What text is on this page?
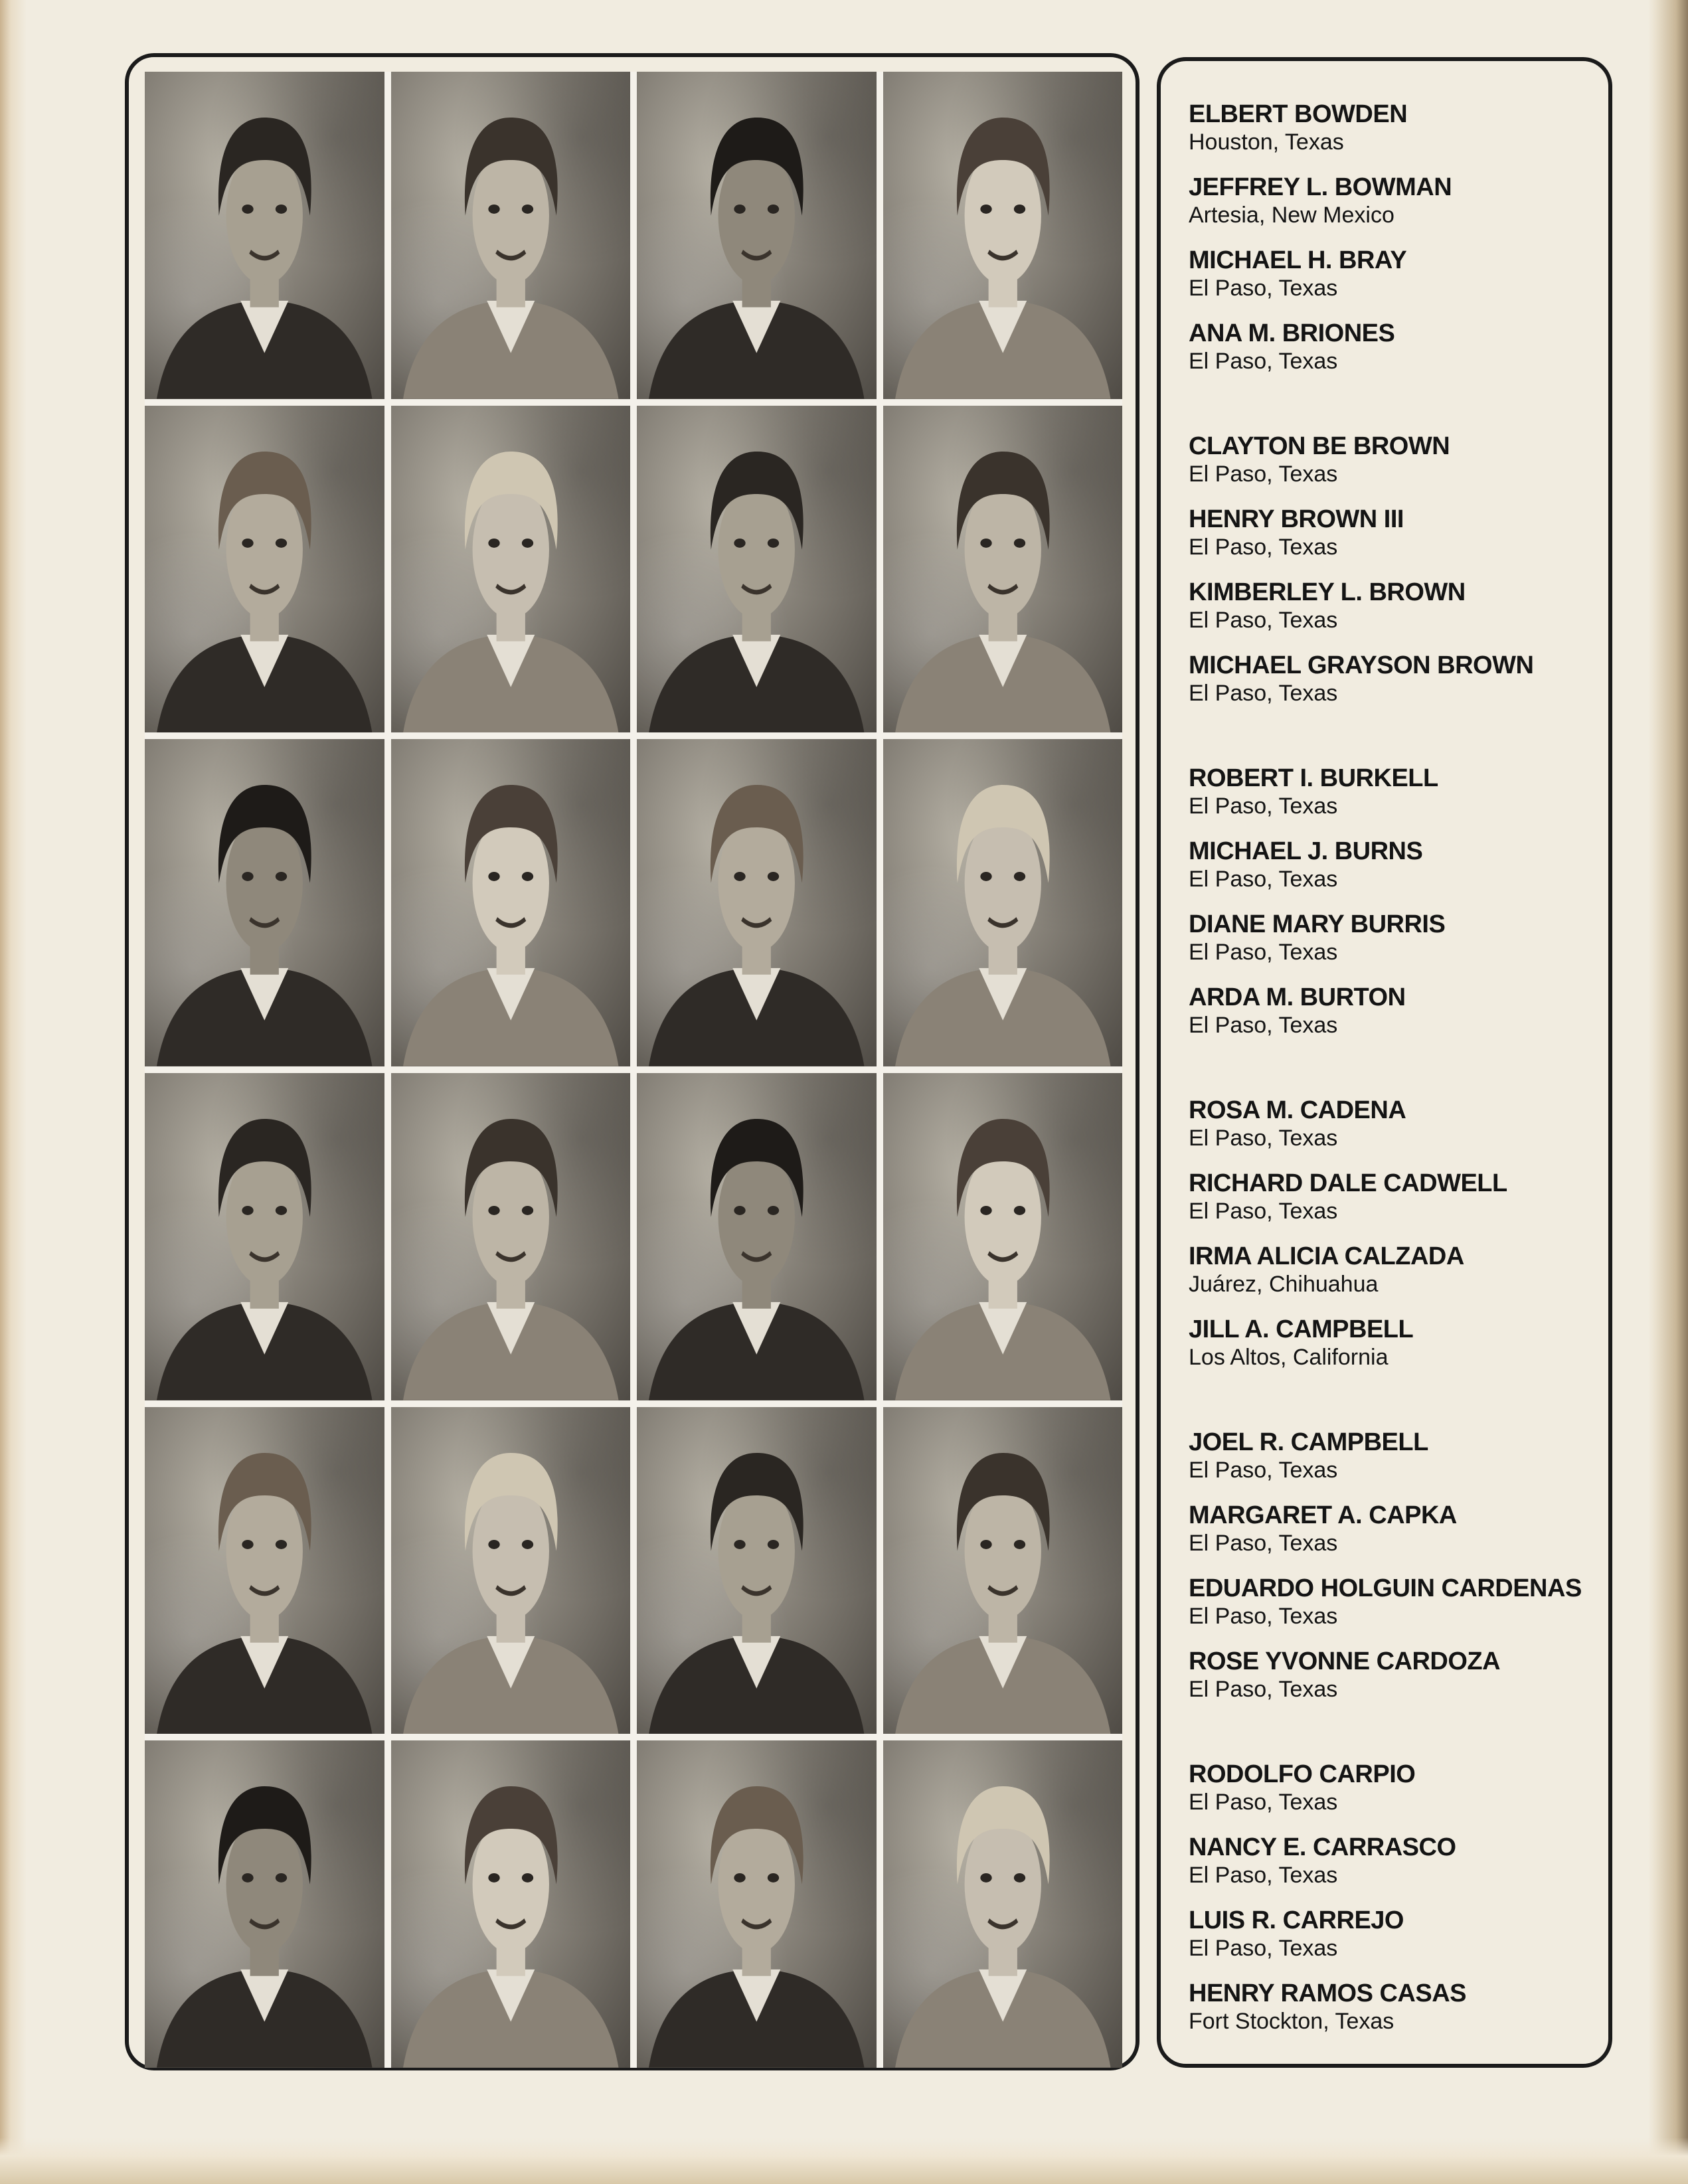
ELBERT BOWDEN
Houston, Texas
JEFFREY L. BOWMAN
Artesia, New Mexico
MICHAEL H. BRAY
El Paso, Texas
ANA M. BRIONES
El Paso, Texas
CLAYTON BE BROWN
El Paso, Texas
HENRY BROWN III
El Paso, Texas
KIMBERLEY L. BROWN
El Paso, Texas
MICHAEL GRAYSON BROWN
El Paso, Texas
ROBERT I. BURKELL
El Paso, Texas
MICHAEL J. BURNS
El Paso, Texas
DIANE MARY BURRIS
El Paso, Texas
ARDA M. BURTON
El Paso, Texas
ROSA M. CADENA
El Paso, Texas
RICHARD DALE CADWELL
El Paso, Texas
IRMA ALICIA CALZADA
Juárez, Chihuahua
JILL A. CAMPBELL
Los Altos, California
JOEL R. CAMPBELL
El Paso, Texas
MARGARET A. CAPKA
El Paso, Texas
EDUARDO HOLGUIN CARDENAS
El Paso, Texas
ROSE YVONNE CARDOZA
El Paso, Texas
RODOLFO CARPIO
El Paso, Texas
NANCY E. CARRASCO
El Paso, Texas
LUIS R. CARREJO
El Paso, Texas
HENRY RAMOS CASAS
Fort Stockton, Texas
